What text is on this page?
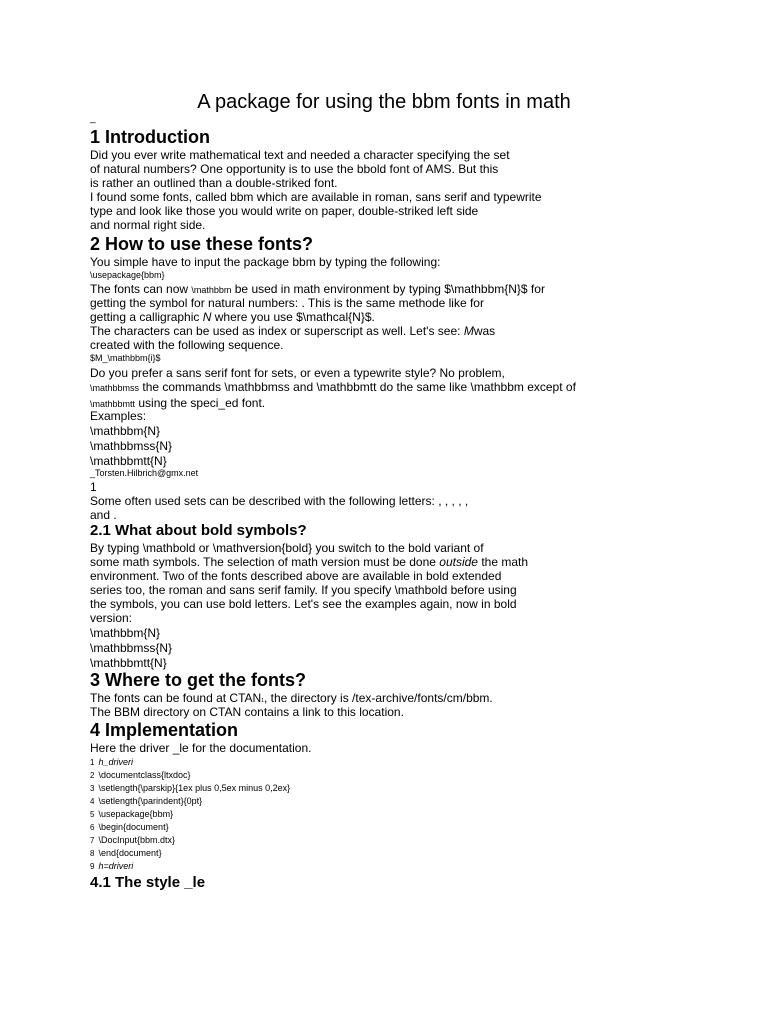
A package for using the bbm fonts in math
_
1 Introduction
Did you ever write mathematical text and needed a character specifying the set
of natural numbers? One opportunity is to use the bbold font of AMS. But this
is rather an outlined than a double-striked font.
I found some fonts, called bbm which are available in roman, sans serif and typewrite
type and look like those you would write on paper, double-striked left side
and normal right side.
2 How to use these fonts?
You simple have to input the package bbm by typing the following:
\usepackage{bbm}
The fonts can now \mathbbm be used in math environment by typing $\mathbbm{N}$ for
getting the symbol for natural numbers: . This is the same methode like for
getting a calligraphic N where you use $\mathcal{N}$.
The characters can be used as index or superscript as well. Let's see: Mwas
created with the following sequence.
$M_\mathbbm{i}$
Do you prefer a sans serif font for sets, or even a typewrite style? No problem,
\mathbbmss the commands \mathbbmss and \mathbbmtt do the same like \mathbbm except of
\mathbbmtt using the speci_ed font.
Examples:
\mathbbm{N}
\mathbbmss{N}
\mathbbmtt{N}
_Torsten.Hilbrich@gmx.net
1
Some often used sets can be described with the following letters: , , , , ,
and .
2.1 What about bold symbols?
By typing \mathbold or \mathversion{bold} you switch to the bold variant of
some math symbols. The selection of math version must be done outside the math
environment. Two of the fonts described above are available in bold extended
series too, the roman and sans serif family. If you specify \mathbold before using
the symbols, you can use bold letters. Let's see the examples again, now in bold
version:
\mathbbm{N}
\mathbbmss{N}
\mathbbmtt{N}
3 Where to get the fonts?
The fonts can be found at CTAN1, the directory is /tex-archive/fonts/cm/bbm.
The BBM directory on CTAN contains a link to this location.
4 Implementation
Here the driver _le for the documentation.
1 h_driveri
2 \documentclass{ltxdoc}
3 \setlength{\parskip}{1ex plus 0,5ex minus 0,2ex}
4 \setlength{\parindent}{0pt}
5 \usepackage{bbm}
6 \begin{document}
7 \DocInput{bbm.dtx}
8 \end{document}
9 h=driveri
4.1 The style _le
